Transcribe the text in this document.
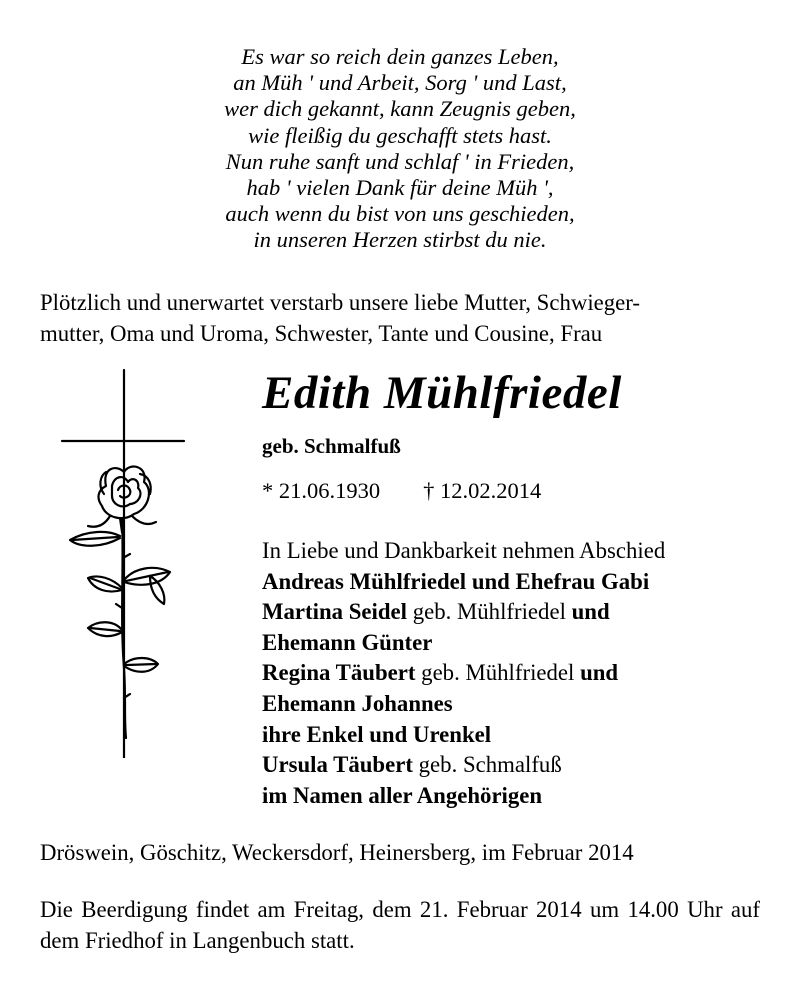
Es war so reich dein ganzes Leben,
an Müh ' und Arbeit, Sorg ' und Last,
wer dich gekannt, kann Zeugnis geben,
wie fleißig du geschafft stets hast.
Nun ruhe sanft und schlaf ' in Frieden,
hab ' vielen Dank für deine Müh ',
auch wenn du bist von uns geschieden,
in unseren Herzen stirbst du nie.
Plötzlich und unerwartet verstarb unsere liebe Mutter, Schwieger-
mutter, Oma und Uroma, Schwester, Tante und Cousine, Frau
Edith Mühlfriedel
geb. Schmalfuß
* 21.06.1930 † 12.02.2014
In Liebe und Dankbarkeit nehmen Abschied
Andreas Mühlfriedel und Ehefrau Gabi
Martina Seidel geb. Mühlfriedel und
Ehemann Günter
Regina Täubert geb. Mühlfriedel und
Ehemann Johannes
ihre Enkel und Urenkel
Ursula Täubert geb. Schmalfuß
im Namen aller Angehörigen
Dröswein, Göschitz, Weckersdorf, Heinersberg, im Februar 2014
Die Beerdigung findet am Freitag, dem 21. Februar 2014 um 14.00 Uhr auf dem Friedhof in Langenbuch statt.
